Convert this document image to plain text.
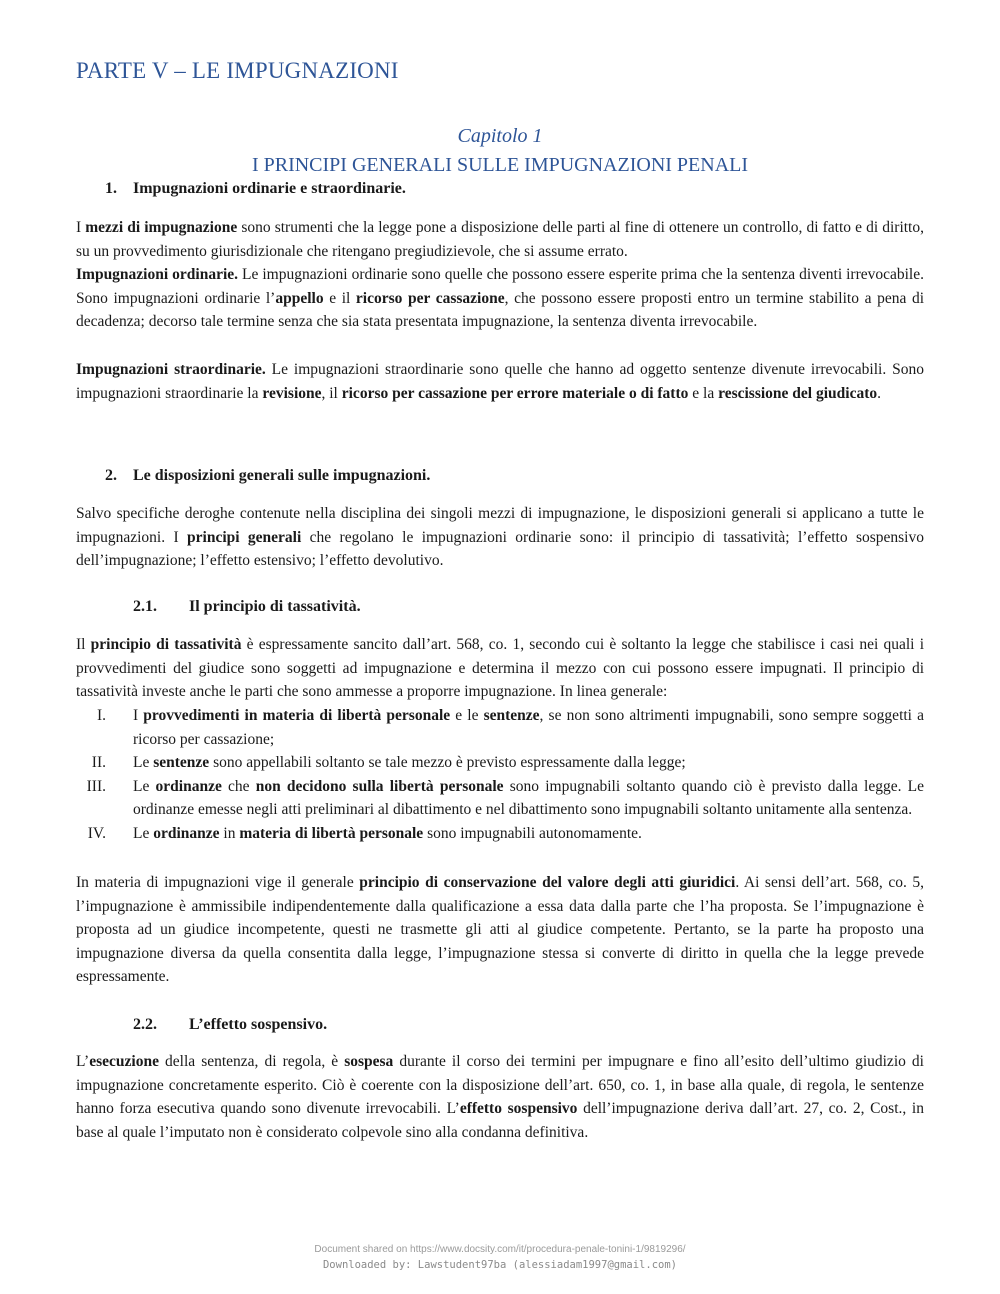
PARTE V – LE IMPUGNAZIONI
Capitolo 1
I PRINCIPI GENERALI SULLE IMPUGNAZIONI PENALI
1. Impugnazioni ordinarie e straordinarie.

I mezzi di impugnazione sono strumenti che la legge pone a disposizione delle parti al fine di ottenere un controllo, di fatto e di diritto, su un provvedimento giurisdizionale che ritengano pregiudizievole, che si assume errato.

Impugnazioni ordinarie. Le impugnazioni ordinarie sono quelle che possono essere esperite prima che la sentenza diventi irrevocabile. Sono impugnazioni ordinarie l’appello e il ricorso per cassazione, che possono essere proposti entro un termine stabilito a pena di decadenza; decorso tale termine senza che sia stata presentata impugnazione, la sentenza diventa irrevocabile.

Impugnazioni straordinarie. Le impugnazioni straordinarie sono quelle che hanno ad oggetto sentenze divenute irrevocabili. Sono impugnazioni straordinarie la revisione, il ricorso per cassazione per errore materiale o di fatto e la rescissione del giudicato.

2. Le disposizioni generali sulle impugnazioni.

Salvo specifiche deroghe contenute nella disciplina dei singoli mezzi di impugnazione, le disposizioni generali si applicano a tutte le impugnazioni. I principi generali che regolano le impugnazioni ordinarie sono: il principio di tassatività; l’effetto sospensivo dell’impugnazione; l’effetto estensivo; l’effetto devolutivo.

2.1. Il principio di tassatività.

Il principio di tassatività è espressamente sancito dall’art. 568, co. 1, secondo cui è soltanto la legge che stabilisce i casi nei quali i provvedimenti del giudice sono soggetti ad impugnazione e determina il mezzo con cui possono essere impugnati. Il principio di tassatività investe anche le parti che sono ammesse a proporre impugnazione. In linea generale:

I. I provvedimenti in materia di libertà personale e le sentenze, se non sono altrimenti impugnabili, sono sempre soggetti a ricorso per cassazione;
II. Le sentenze sono appellabili soltanto se tale mezzo è previsto espressamente dalla legge;
III. Le ordinanze che non decidono sulla libertà personale sono impugnabili soltanto quando ciò è previsto dalla legge. Le ordinanze emesse negli atti preliminari al dibattimento e nel dibattimento sono impugnabili soltanto unitamente alla sentenza.
IV. Le ordinanze in materia di libertà personale sono impugnabili autonomamente.

In materia di impugnazioni vige il generale principio di conservazione del valore degli atti giuridici. Ai sensi dell’art. 568, co. 5, l’impugnazione è ammissibile indipendentemente dalla qualificazione a essa data dalla parte che l’ha proposta. Se l’impugnazione è proposta ad un giudice incompetente, questi ne trasmette gli atti al giudice competente. Pertanto, se la parte ha proposto una impugnazione diversa da quella consentita dalla legge, l’impugnazione stessa si converte di diritto in quella che la legge prevede espressamente.

2.2. L’effetto sospensivo.

L’esecuzione della sentenza, di regola, è sospesa durante il corso dei termini per impugnare e fino all’esito dell’ultimo giudizio di impugnazione concretamente esperito. Ciò è coerente con la disposizione dell’art. 650, co. 1, in base alla quale, di regola, le sentenze hanno forza esecutiva quando sono divenute irrevocabili. L’effetto sospensivo dell’impugnazione deriva dall’art. 27, co. 2, Cost., in base al quale l’imputato non è considerato colpevole sino alla condanna definitiva.

Document shared on https://www.docsity.com/it/procedura-penale-tonini-1/9819296/
Downloaded by: Lawstudent97ba (alessiadam1997@gmail.com)
